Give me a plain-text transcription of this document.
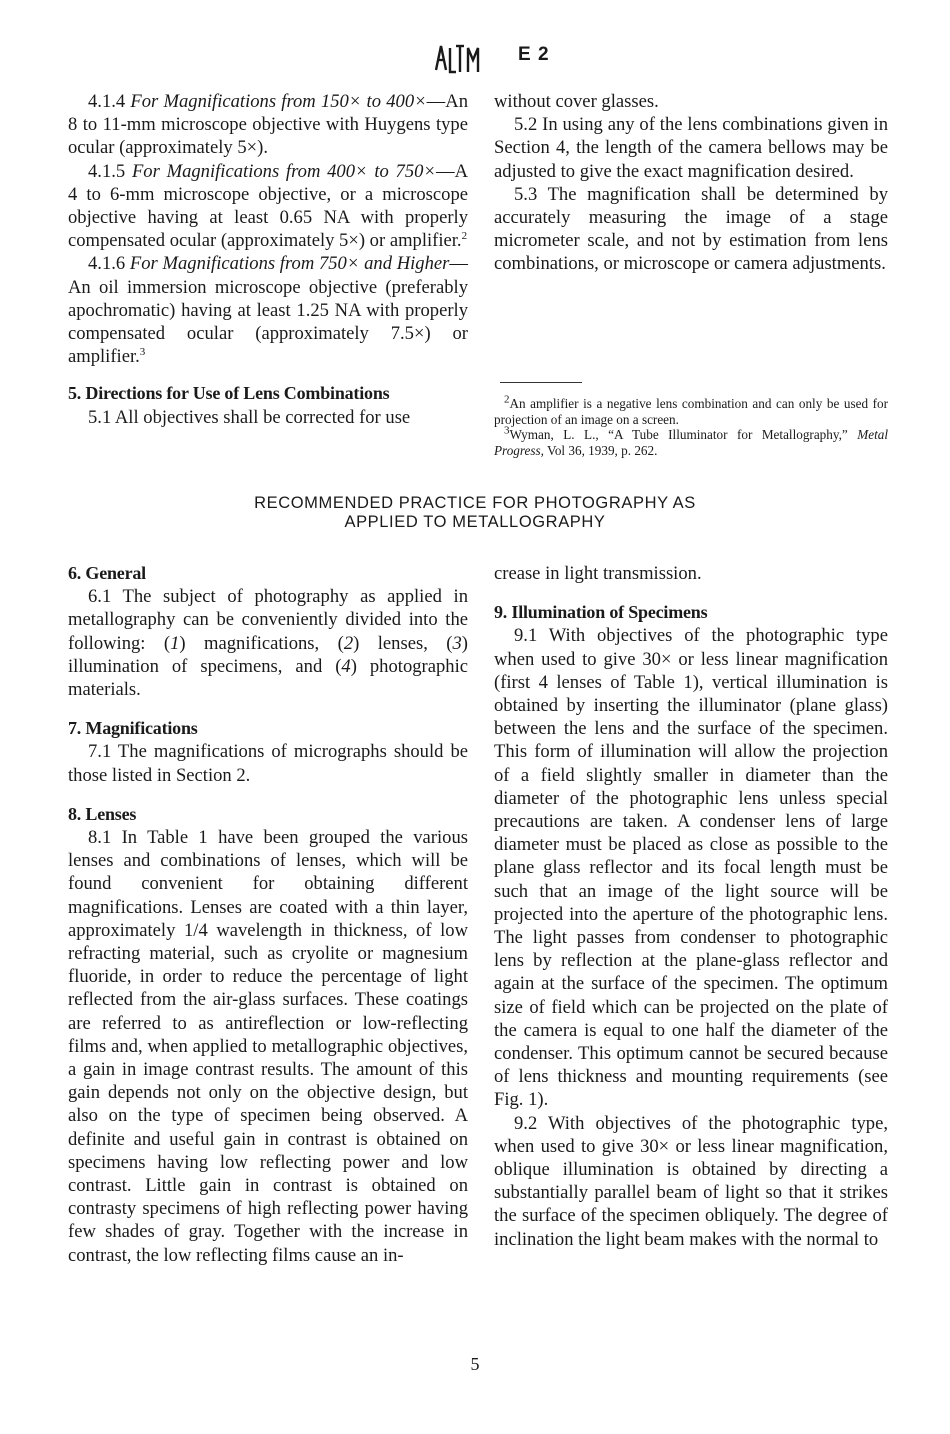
E 2

4.1.4 For Magnifications from 150× to 400×—An 8 to 11-mm microscope objective with Huygens type ocular (approximately 5×).

4.1.5 For Magnifications from 400× to 750×—A 4 to 6-mm microscope objective, or a microscope objective having at least 0.65 NA with properly compensated ocular (approximately 5×) or amplifier.$^2$

4.1.6 For Magnifications from 750× and Higher—An oil immersion microscope objective (preferably apochromatic) having at least 1.25 NA with properly compensated ocular (approximately 7.5×) or amplifier.$^3$

5. Directions for Use of Lens Combinations

5.1 All objectives shall be corrected for use

without cover glasses.

5.2 In using any of the lens combinations given in Section 4, the length of the camera bellows may be adjusted to give the exact magnification desired.

5.3 The magnification shall be determined by accurately measuring the image of a stage micrometer scale, and not by estimation from lens combinations, or microscope or camera adjustments.

$^2$An amplifier is a negative lens combination and can only be used for projection of an image on a screen.

$^3$Wyman, L. L., “A Tube Illuminator for Metallography,” Metal Progress, Vol 36, 1939, p. 262.

RECOMMENDED PRACTICE FOR PHOTOGRAPHY AS
APPLIED TO METALLOGRAPHY

6. General

6.1 The subject of photography as applied in metallography can be conveniently divided into the following: (1) magnifications, (2) lenses, (3) illumination of specimens, and (4) photographic materials.

7. Magnifications

7.1 The magnifications of micrographs should be those listed in Section 2.

8. Lenses

8.1 In Table 1 have been grouped the various lenses and combinations of lenses, which will be found convenient for obtaining different magnifications. Lenses are coated with a thin layer, approximately 1/4 wavelength in thickness, of low refracting material, such as cryolite or magnesium fluoride, in order to reduce the percentage of light reflected from the air-glass surfaces. These coatings are referred to as antireflection or low-reflecting films and, when applied to metallographic objectives, a gain in image contrast results. The amount of this gain depends not only on the objective design, but also on the type of specimen being observed. A definite and useful gain in contrast is obtained on specimens having low reflecting power and low contrast. Little gain in contrast is obtained on contrasty specimens of high reflecting power having few shades of gray. Together with the increase in contrast, the low reflecting films cause an in-

crease in light transmission.

9. Illumination of Specimens

9.1 With objectives of the photographic type when used to give 30× or less linear magnification (first 4 lenses of Table 1), vertical illumination is obtained by inserting the illuminator (plane glass) between the lens and the surface of the specimen. This form of illumination will allow the projection of a field slightly smaller in diameter than the diameter of the photographic lens unless special precautions are taken. A condenser lens of large diameter must be placed as close as possible to the plane glass reflector and its focal length must be such that an image of the light source will be projected into the aperture of the photographic lens. The light passes from condenser to photographic lens by reflection at the plane-glass reflector and again at the surface of the specimen. The optimum size of field which can be projected on the plate of the camera is equal to one half the diameter of the condenser. This optimum cannot be secured because of lens thickness and mounting requirements (see Fig. 1).

9.2 With objectives of the photographic type, when used to give 30× or less linear magnification, oblique illumination is obtained by directing a substantially parallel beam of light so that it strikes the surface of the specimen obliquely. The degree of inclination the light beam makes with the normal to

5
